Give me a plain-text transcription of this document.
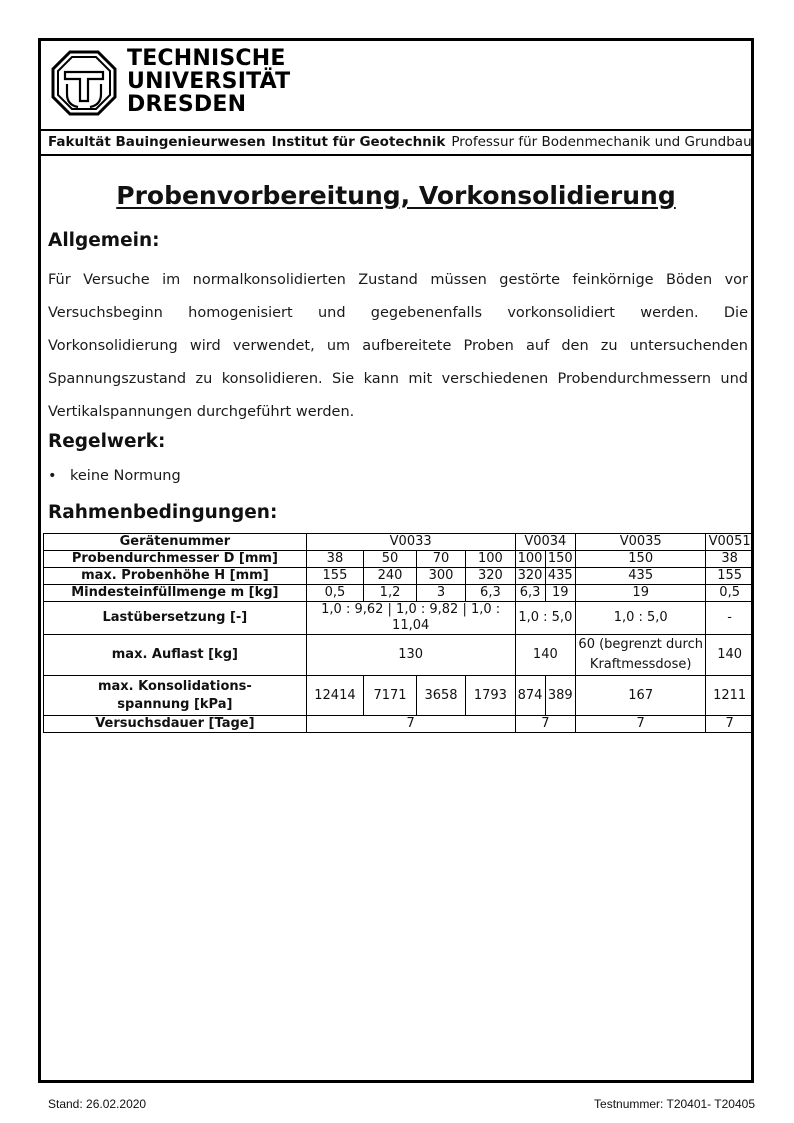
TECHNISCHE
UNIVERSITÄT
DRESDEN
Fakultät Bauingenieurwesen Institut für Geotechnik Professur für Bodenmechanik und Grundbau
Probenvorbereitung, Vorkonsolidierung
Allgemein:
Für Versuche im normalkonsolidierten Zustand müssen gestörte feinkörnige Böden vor Versuchsbeginn homogenisiert und gegebenenfalls vorkonsolidiert werden. Die Vorkonsolidierung wird verwendet, um aufbereitete Proben auf den zu untersuchenden Spannungszustand zu konsolidieren. Sie kann mit verschiedenen Probendurchmessern und Vertikalspannungen durchgeführt werden.
Regelwerk:
• keine Normung
Rahmenbedingungen:
Gerätenummer	V0033				V0034		V0035	V0051
Probendurchmesser D [mm]	38	50	70	100	100	150	150	38
max. Probenhöhe H [mm]	155	240	300	320	320	435	435	155
Mindesteinfüllmenge m [kg]	0,5	1,2	3	6,3	6,3	19	19	0,5
Lastübersetzung [-]	1,0 : 9,62 | 1,0 : 9,82 | 1,0 : 11,04				1,0 : 5,0		1,0 : 5,0	-
max. Auflast [kg]	130				140		60 (begrenzt durch Kraftmessdose)	140
max. Konsolidations-spannung [kPa]	12414	7171	3658	1793	874	389	167	1211
Versuchsdauer [Tage]	7				7		7	7
Stand: 26.02.2020	Testnummer: T20401- T20405
